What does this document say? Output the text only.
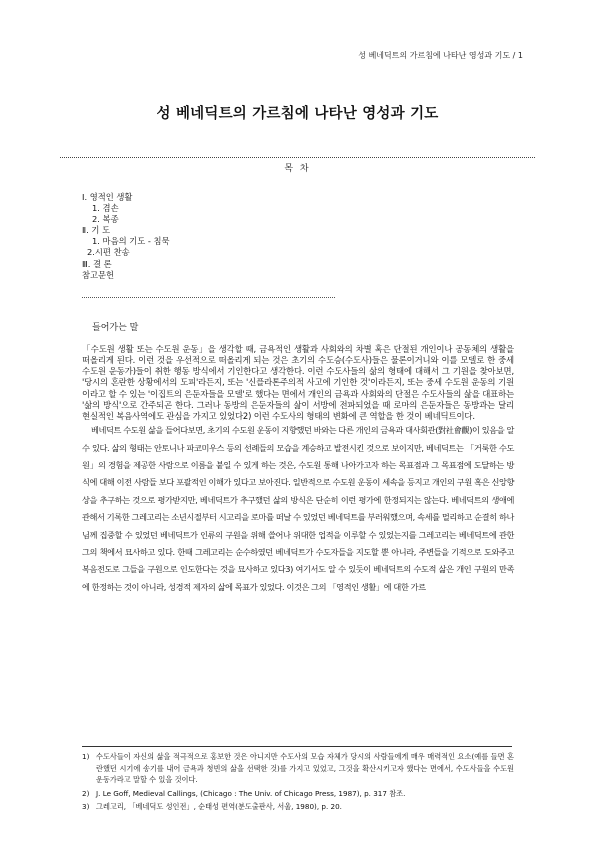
성 베네딕트의 가르침에 나타난 영성과 기도 / 1
성 베네딕트의 가르침에 나타난 영성과 기도
목 차
Ⅰ. 영적인 생활
1. 겸손
2. 복종
Ⅱ. 기 도
1. 마음의 기도 - 침묵
2.시편 찬송
Ⅲ. 결 론
참고문헌
들어가는 말

「수도원 생활 또는 수도원 운동」을 생각할 때, 금욕적인 생활과 사회와의 차별 혹은 단절된 개인이나 공동체의 생활을 떠올리게 된다. 이런 것을 우선적으로 떠올리게 되는 것은 초기의 수도승(수도사)들은 물론이거니와 이를 모델로 한 중세 수도원 운동가)들이 취한 행동 방식에서 기인한다고 생각한다. 이런 수도사들의 삶의 형태에 대해서 그 기원을 찾아보면, '당시의 혼란한 상황에서의 도피'라든지, 또는 '신플라톤주의적 사고에 기인한 것'이라든지, 또는 중세 수도원 운동의 기원이라고 할 수 있는 '이집트의 은둔자들을 모델'로 했다는 면에서 개인의 금욕과 사회와의 단절은 수도사들의 삶을 대표하는 '삶의 방식'으로 간주되곤 한다. 그러나 동방의 은둔자들의 삶이 서방에 전파되었을 때 로마의 은둔자들은 동방과는 달리 현실적인 복음사역에도 관심을 가지고 있었다2) 이런 수도사의 형태의 변화에 큰 역할을 한 것이 베네딕트이다.

베네딕트 수도원 삶을 들어다보면, 초기의 수도원 운동이 지향했던 바와는 다른 개인의 금욕과 대사회관(對社會觀)이 있음을 알 수 있다. 삶의 형태는 안토니나 파코미우스 등의 선례들의 모습을 계승하고 발전시킨 것으로 보이지만, 베네딕트는 「거룩한 수도원」의 경험을 제공한 사람으로 이름을 붙일 수 있게 하는 것은, 수도원 통해 나아가고자 하는 목표점과 그 목표점에 도달하는 방식에 대해 이전 사람들 보다 포괄적인 이해가 있다고 보아진다. 일반적으로 수도원 운동이 세속을 등지고 개인의 구원 혹은 신앙향상을 추구하는 것으로 평가받지만, 베네딕트가 추구했던 삶의 방식은 단순히 이런 평가에 한정되지는 않는다. 베네딕트의 생애에 관해서 기록한 그레고리는 소년시절부터 시고리을 로마를 떠날 수 있었던 베네딕트를 부러워했으며, 속세를 멀리하고 순결히 하나님께 집중할 수 있었던 베네딕트가 인류의 구원을 위해 쓸어나 위대한 업적을 이루할 수 있었는지를 그레고리는 베네딕트에 관한 그의 책에서 묘사하고 있다. 한때 그레고리는 순수하였던 베네딕트가 수도자들을 지도할 뿐 아니라, 주변들을 기적으로 도와주고 복음전도로 그들을 구원으로 인도한다는 것을 묘사하고 있다3) 여기서도 알 수 있듯이 베네딕트의 수도적 삶은 개인 구원의 만족에 한정하는 것이 아니라, 성경적 제자의 삶에 목표가 있었다. 이것은 그의 「영적인 생활」에 대한 가르

1) 수도사들이 자신의 삶을 적극적으로 홍보한 것은 아니지만 수도사의 모습 자체가 당시의 사람들에게 매우 매력적인 요소(예를 들면 혼란했던 시기에 송기를 내어 금욕과 청빈의 삶을 선택한 것)를 가지고 있었고, 그것을 확산시키고자 했다는 면에서, 수도사들을 수도원 운동가라고 말할 수 있을 것이다.
2) J. Le Goff, Medieval Callings, (Chicago : The Univ. of Chicago Press, 1987), p. 317 참조.
3) 그레고리, 「베네딕도 성인전」, 순태성 편역(분도출판사, 서울, 1980), p. 20.
